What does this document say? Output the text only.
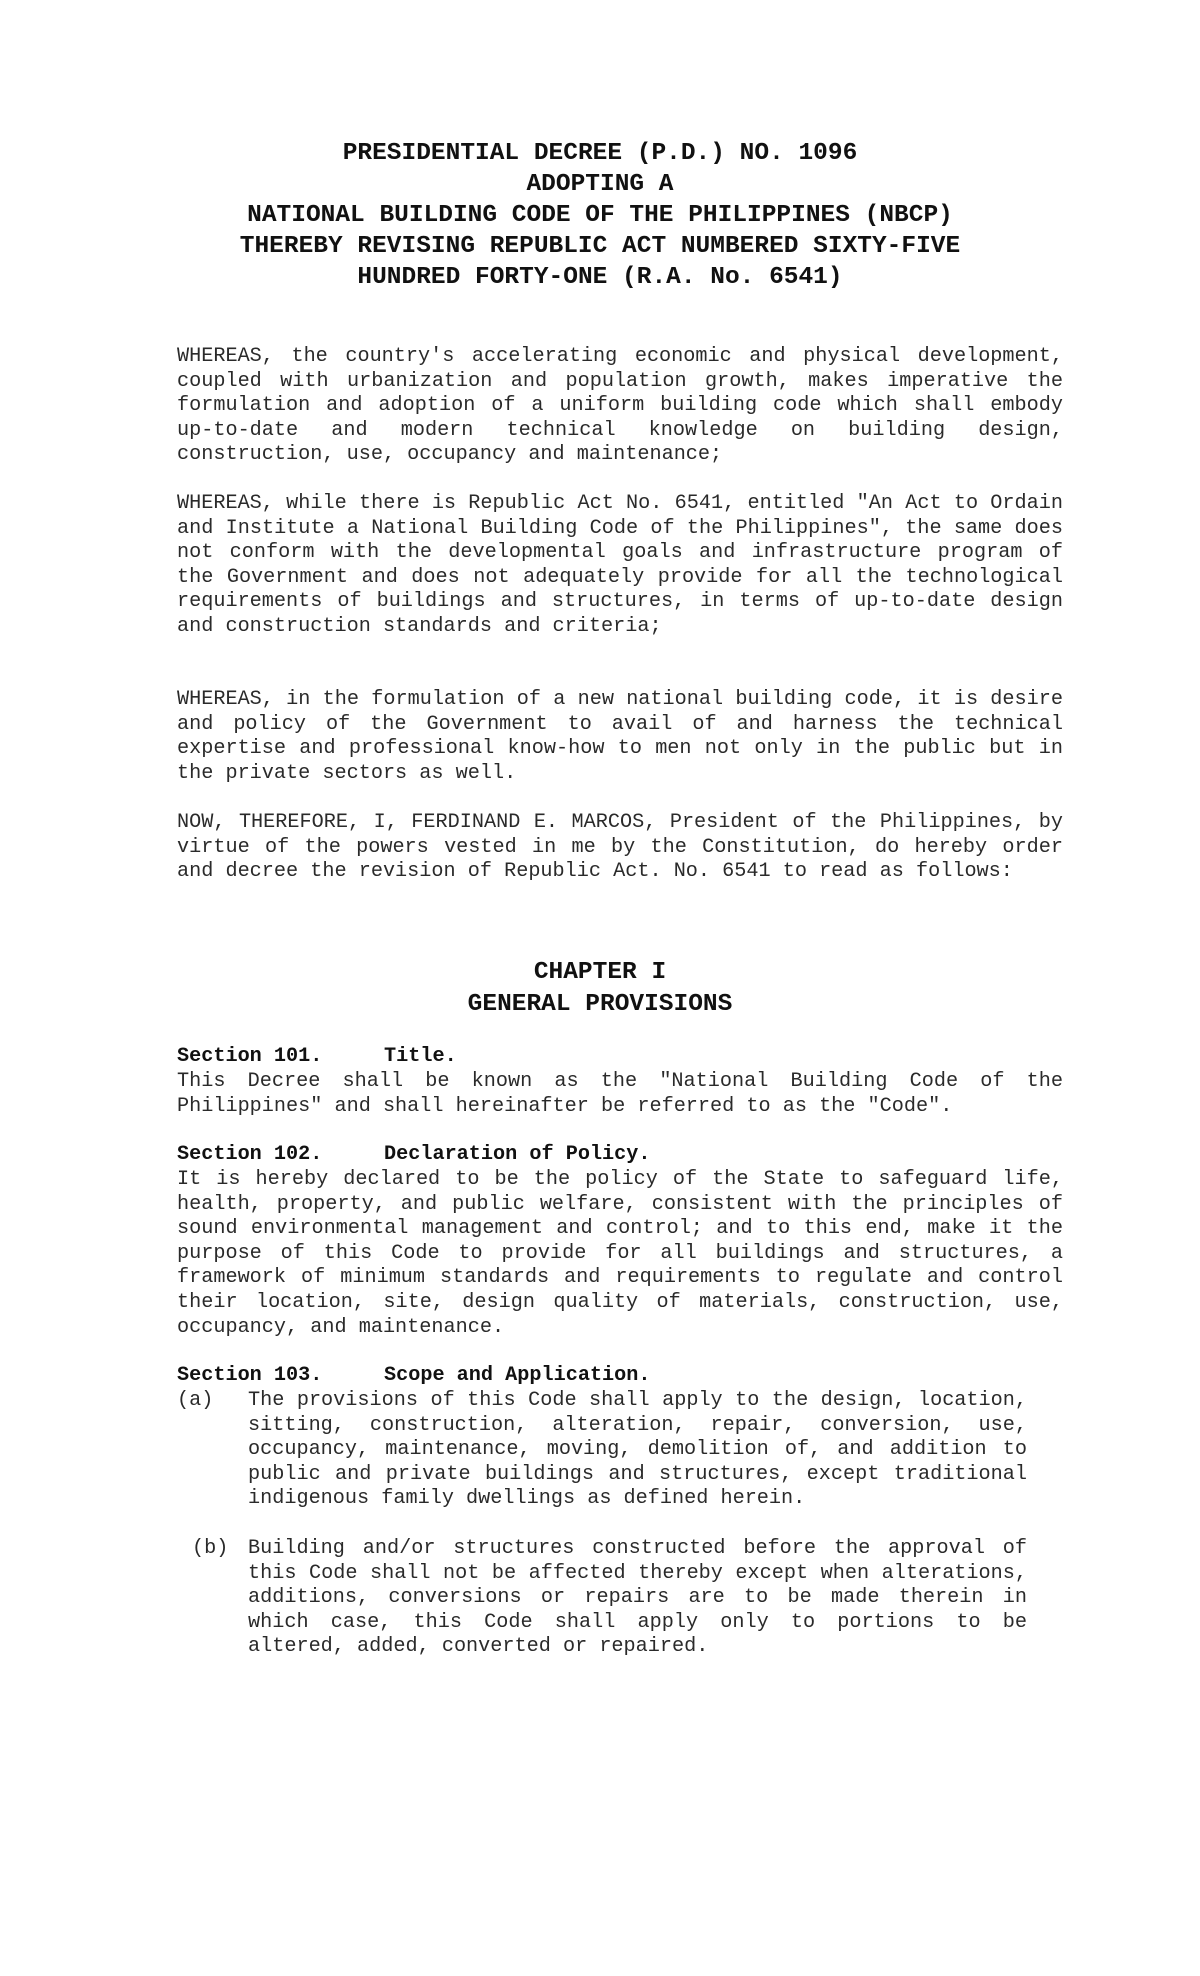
PRESIDENTIAL DECREE (P.D.) NO. 1096
ADOPTING A
NATIONAL BUILDING CODE OF THE PHILIPPINES (NBCP)
THEREBY REVISING REPUBLIC ACT NUMBERED SIXTY-FIVE
HUNDRED FORTY-ONE (R.A. No. 6541)

WHEREAS, the country's accelerating economic and physical development, coupled with urbanization and population growth, makes imperative the formulation and adoption of a uniform building code which shall embody up-to-date and modern technical knowledge on building design, construction, use, occupancy and maintenance;

WHEREAS, while there is Republic Act No. 6541, entitled "An Act to Ordain and Institute a National Building Code of the Philippines", the same does not conform with the developmental goals and infrastructure program of the Government and does not adequately provide for all the technological requirements of buildings and structures, in terms of up-to-date design and construction standards and criteria;

WHEREAS, in the formulation of a new national building code, it is desire and policy of the Government to avail of and harness the technical expertise and professional know-how to men not only in the public but in the private sectors as well.

NOW, THEREFORE, I, FERDINAND E. MARCOS, President of the Philippines, by virtue of the powers vested in me by the Constitution, do hereby order and decree the revision of Republic Act. No. 6541 to read as follows:

CHAPTER I
GENERAL PROVISIONS
Section 101.	Title.

This Decree shall be known as the "National Building Code of the Philippines" and shall hereinafter be referred to as the "Code".

Section 102.	Declaration of Policy.

It is hereby declared to be the policy of the State to safeguard life, health, property, and public welfare, consistent with the principles of sound environmental management and control; and to this end, make it the purpose of this Code to provide for all buildings and structures, a framework of minimum standards and requirements to regulate and control their location, site, design quality of materials, construction, use, occupancy, and maintenance.

Section 103.	Scope and Application.
(a)	The provisions of this Code shall apply to the design, location, sitting, construction, alteration, repair, conversion, use, occupancy, maintenance, moving, demolition of, and addition to public and private buildings and structures, except traditional indigenous family dwellings as defined herein.
(b) Building and/or structures constructed before the approval of this Code shall not be affected thereby except when alterations, additions, conversions or repairs are to be made therein in which case, this Code shall apply only to portions to be altered, added, converted or repaired.
